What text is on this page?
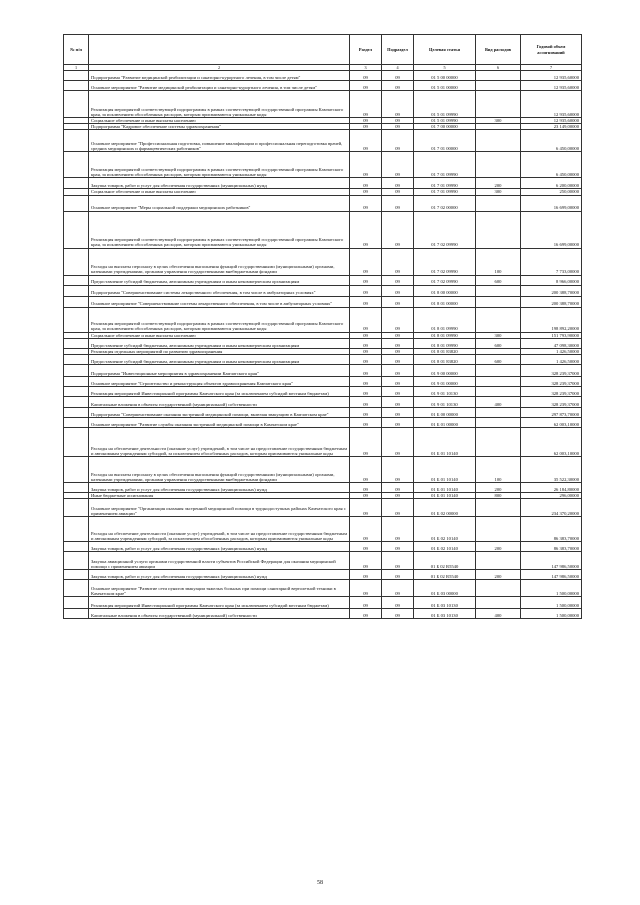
№ п/п		Раздел	Подраздел	Целевая статья	Вид расходов	Годовой объем ассигнований
1	2	3	4	5	6	7
	Подпрограмма "Развитие медицинской реабилитации и санаторно-курортного лечения, в том числе детям"	09	09	01 5 00 00000		12 935,60000
	Основное мероприятие "Развитие медицинской реабилитации и санаторно-курортного лечения, в том числе детям"	09	09	01 5 01 00000		12 935,60000
	Реализация мероприятий соответствующей подпрограммы в рамках соответствующей государственной программы Камчатского края, за исключением обособленных расходов, которым присваиваются уникальные коды	09	09	01 5 01 09990		12 935,60000
	Социальное обеспечение и иные выплаты населению	09	09	01 5 01 09990	300	12 935,60000
	Подпрограмма "Кадровое обеспечение системы здравоохранения"	09	09	01 7 00 00000		23 149,00000
	Основное мероприятие "Профессиональная подготовка, повышение квалификации и профессиональная переподготовка врачей, средних медицинских и фармацевтических работников"	09	09	01 7 01 00000		6 450,00000
	Реализация мероприятий соответствующей подпрограммы в рамках соответствующей государственной программы Камчатского края, за исключением обособленных расходов, которым присваиваются уникальные коды	09	09	01 7 01 09990		6 450,00000
	Закупка товаров, работ и услуг для обеспечения государственных (муниципальных) нужд	09	09	01 7 01 09990	200	6 200,00000
	Социальное обеспечение и иные выплаты населению	09	09	01 7 01 09990	300	250,00000
	Основное мероприятие "Меры социальной поддержки медицинских работников"	09	09	01 7 02 00000		16 699,00000
	Реализация мероприятий соответствующей подпрограммы в рамках соответствующей государственной программы Камчатского края, за исключением обособленных расходов, которым присваиваются уникальные коды	09	09	01 7 02 09990		16 699,00000
	Расходы на выплаты персоналу в целях обеспечения выполнения функций государственными (муниципальными) органами, казенными учреждениями, органами управления государственными внебюджетными фондами	09	09	01 7 02 09990	100	7 733,00000
	Предоставление субсидий бюджетным, автономным учреждениям и иным некоммерческим организациям	09	09	01 7 02 09990	600	8 966,00000
	Подпрограмма "Совершенствование системы лекарственного обеспечения, в том числе в амбулаторных условиях"	09	09	01 8 00 00000		200 388,70000
	Основное мероприятие "Совершенствование системы лекарственного обеспечения, в том числе в амбулаторных условиях"	09	09	01 8 01 00000		200 388,70000
	Реализация мероприятий соответствующей подпрограммы в рамках соответствующей государственной программы Камчатского края, за исключением обособленных расходов, которым присваиваются уникальные коды	09	09	01 8 01 09990		198 892,20000
	Социальное обеспечение и иные выплаты населению	09	09	01 8 01 09990	300	151 793,90000
	Предоставление субсидий бюджетным, автономным учреждениям и иным некоммерческим организациям	09	09	01 8 01 09990	600	47 098,30000
	Реализация отдельных мероприятий по развитию здравоохранения	09	09	01 8 01 83820		1 426,50000
	Предоставление субсидий бюджетным, автономным учреждениям и иным некоммерческим организациям	09	09	01 8 01 83820	600	1 426,50000
	Подпрограмма "Инвестиционные мероприятия в здравоохранении Камчатского края"	09	09	01 9 00 00000		328 239,37000
	Основное мероприятие "Строительство и реконструкция объектов здравоохранения Камчатского края"	09	09	01 9 01 00000		328 239,37000
	Реализация мероприятий Инвестиционной программы Камчатского края (за исключением субсидий местным бюджетам)	09	09	01 9 01 10130		328 239,37000
	Капитальные вложения в объекты государственной (муниципальной) собственности	09	09	01 9 01 10130	400	328 239,37000
	Подпрограмма "Совершенствование оказания экстренной медицинской помощи, включая эвакуацию в Камчатском крае"	09	09	01 Б 00 00000		297 873,70000
	Основное мероприятие "Развитие службы оказания экстренной медицинской помощи в Камчатском крае"	09	09	01 Б 01 00000		62 003,10000
	Расходы на обеспечение деятельности (оказание услуг) учреждений, в том числе на предоставление государственным бюджетным и автономным учреждениям субсидий, за исключением обособленных расходов, которым присваиваются уникальные коды	09	09	01 Б 01 10140		62 003,10000
	Расходы на выплаты персоналу в целях обеспечения выполнения функций государственными (муниципальными) органами, казенными учреждениями, органами управления государственными внебюджетными фондами	09	09	01 Б 01 10140	100	35 522,30000
	Закупка товаров, работ и услуг для обеспечения государственных (муниципальных) нужд	09	09	01 Б 01 10140	200	26 184,80000
	Иные бюджетные ассигнования	09	09	01 Б 01 10140	800	296,00000
	Основное мероприятие "Организация оказания экстренной медицинской помощи в труднодоступных районах Камчатского края с применением авиации"	09	09	01 Б 02 00000		234 370,20000
	Расходы на обеспечение деятельности (оказание услуг) учреждений, в том числе на предоставление государственным бюджетным и автономным учреждениям субсидий, за исключением обособленных расходов, которым присваиваются уникальные коды	09	09	01 Б 02 10140		86 383,70000
	Закупка товаров, работ и услуг для обеспечения государственных (муниципальных) нужд	09	09	01 Б 02 10140	200	86 383,70000
	Закупка авиационной услуги органами государственной власти субъектов Российской Федерации для оказания медицинской помощи с применением авиации	09	09	01 Б 02 R5540		147 986,50000
	Закупка товаров, работ и услуг для обеспечения государственных (муниципальных) нужд	09	09	01 Б 02 R5540	200	147 986,50000
	Основное мероприятие "Развитие сети пунктов эвакуации тяжелых больных при помощи санитарной вертолетной техники в Камчатском крае"	09	09	01 Б 03 00000		1 500,00000
	Реализация мероприятий Инвестиционной программы Камчатского края (за исключением субсидий местным бюджетам)	09	09	01 Б 03 10130		1 500,00000
	Капитальные вложения в объекты государственной (муниципальной) собственности	09	09	01 Б 03 10130	400	1 500,00000
58
